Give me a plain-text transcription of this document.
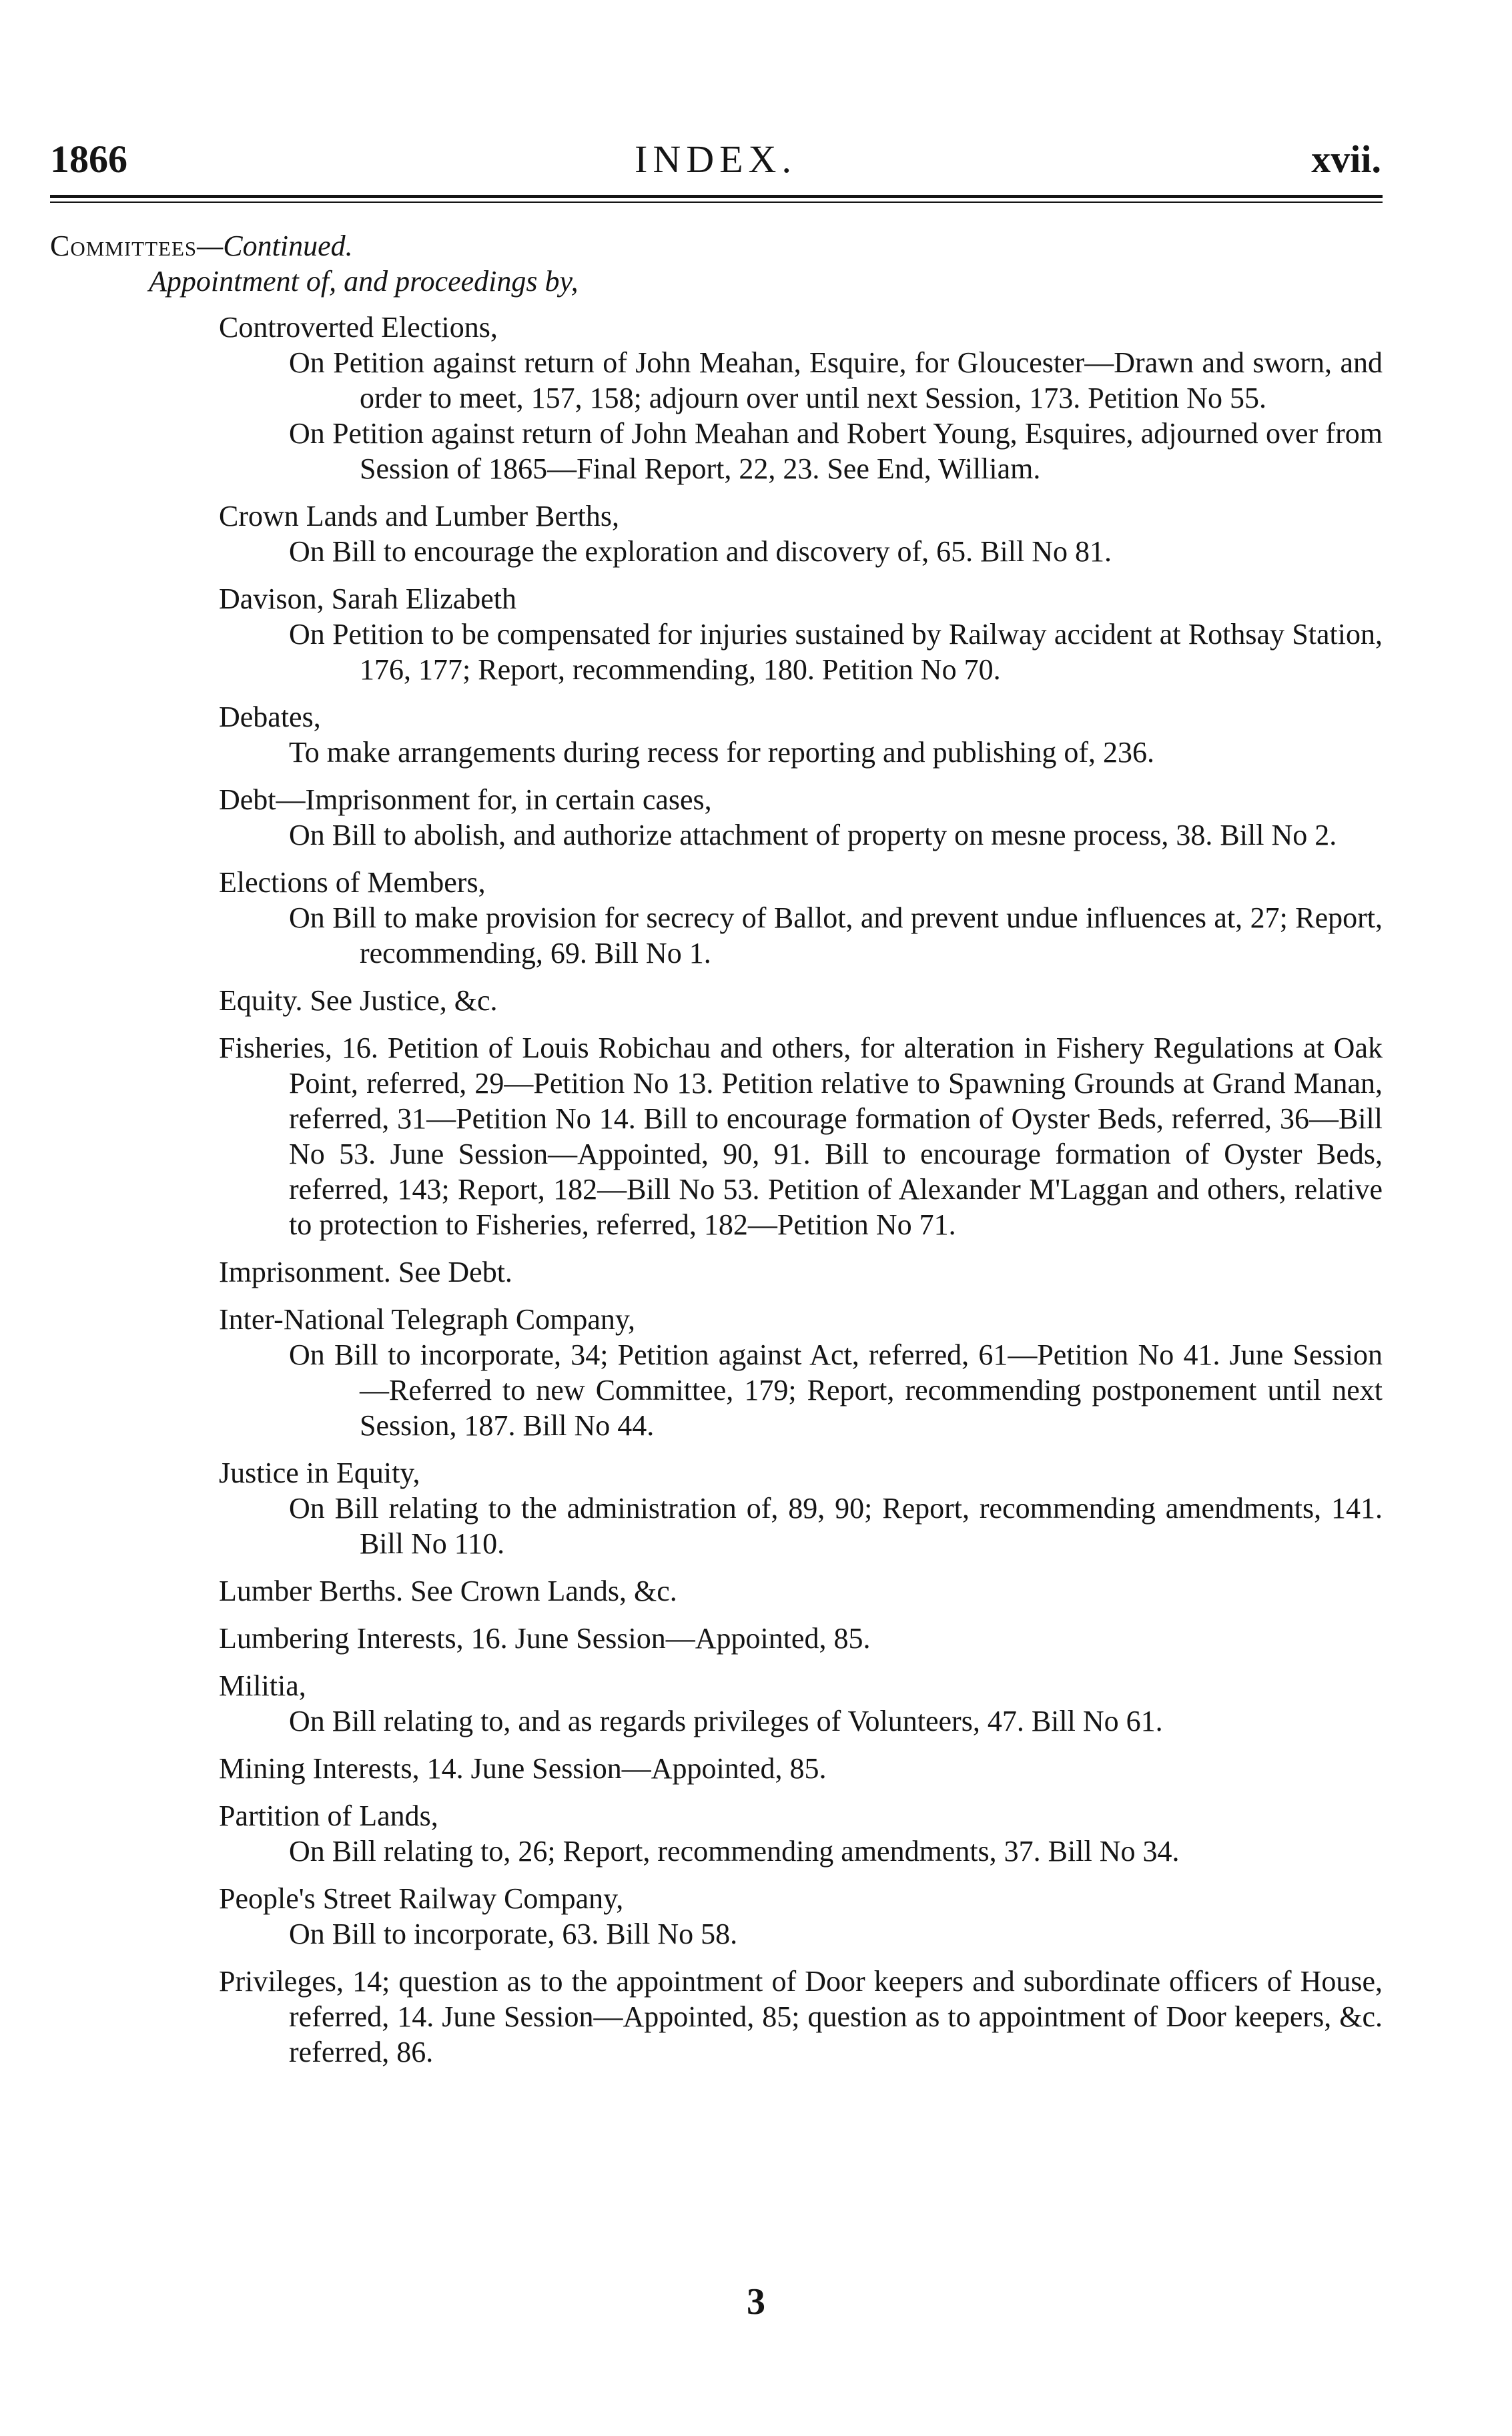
1866	INDEX.	xvii.
Committees—Continued.
Appointment of, and proceedings by,
Controverted Elections,
On Petition against return of John Meahan, Esquire, for Gloucester—Drawn and sworn, and order to meet, 157, 158; adjourn over until next Session, 173. Petition No 55.
On Petition against return of John Meahan and Robert Young, Esquires, adjourned over from Session of 1865—Final Report, 22, 23. See End, William.
Crown Lands and Lumber Berths,
On Bill to encourage the exploration and discovery of, 65. Bill No 81.
Davison, Sarah Elizabeth
On Petition to be compensated for injuries sustained by Railway accident at Rothsay Station, 176, 177; Report, recommending, 180. Petition No 70.
Debates,
To make arrangements during recess for reporting and publishing of, 236.
Debt—Imprisonment for, in certain cases,
On Bill to abolish, and authorize attachment of property on mesne process, 38. Bill No 2.
Elections of Members,
On Bill to make provision for secrecy of Ballot, and prevent undue influences at, 27; Report, recommending, 69. Bill No 1.
Equity. See Justice, &c.
Fisheries, 16. Petition of Louis Robichau and others, for alteration in Fishery Regulations at Oak Point, referred, 29—Petition No 13. Petition relative to Spawning Grounds at Grand Manan, referred, 31—Petition No 14. Bill to encourage formation of Oyster Beds, referred, 36—Bill No 53. June Session—Appointed, 90, 91. Bill to encourage formation of Oyster Beds, referred, 143; Report, 182—Bill No 53. Petition of Alexander M'Laggan and others, relative to protection to Fisheries, referred, 182—Petition No 71.
Imprisonment. See Debt.
Inter-National Telegraph Company,
On Bill to incorporate, 34; Petition against Act, referred, 61—Petition No 41. June Session—Referred to new Committee, 179; Report, recommending postponement until next Session, 187. Bill No 44.
Justice in Equity,
On Bill relating to the administration of, 89, 90; Report, recommending amendments, 141. Bill No 110.
Lumber Berths. See Crown Lands, &c.
Lumbering Interests, 16. June Session—Appointed, 85.
Militia,
On Bill relating to, and as regards privileges of Volunteers, 47. Bill No 61.
Mining Interests, 14. June Session—Appointed, 85.
Partition of Lands,
On Bill relating to, 26; Report, recommending amendments, 37. Bill No 34.
People's Street Railway Company,
On Bill to incorporate, 63. Bill No 58.
Privileges, 14; question as to the appointment of Door keepers and subordinate officers of House, referred, 14. June Session—Appointed, 85; question as to appointment of Door keepers, &c. referred, 86.
3
